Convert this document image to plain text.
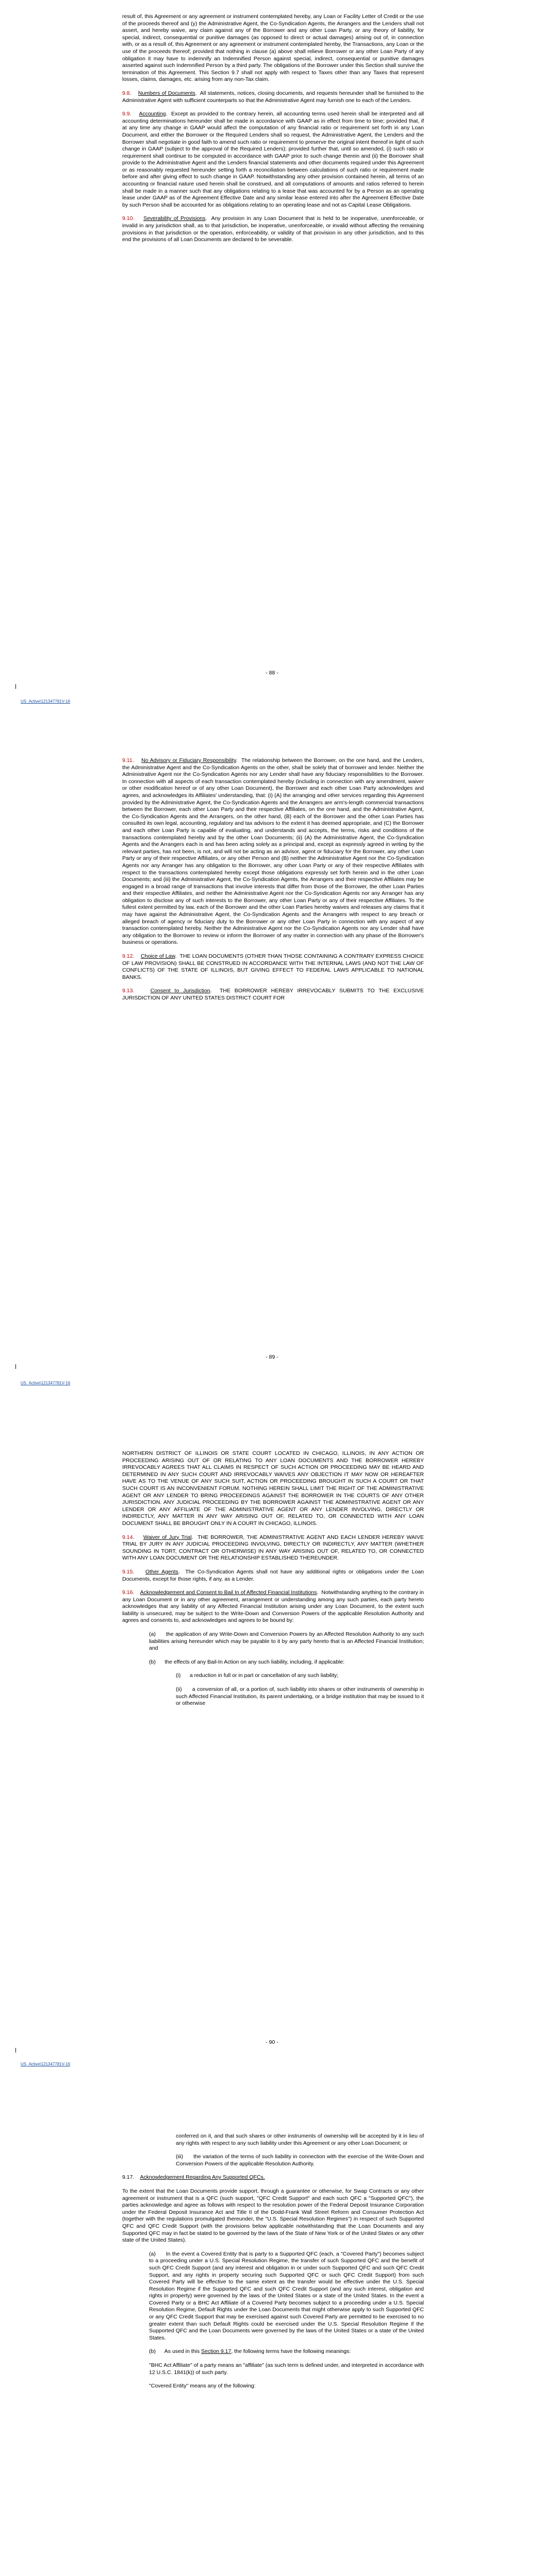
result of, this Agreement or any agreement or instrument contemplated hereby, any Loan or Facility Letter of Credit or the use of the proceeds thereof and (y) the Administrative Agent, the Co-Syndication Agents, the Arrangers and the Lenders shall not assert, and hereby waive, any claim against any of the Borrower and any other Loan Party, or any theory of liability, for special, indirect, consequential or punitive damages (as opposed to direct or actual damages) arising out of, in connection with, or as a result of, this Agreement or any agreement or instrument contemplated hereby, the Transactions, any Loan or the use of the proceeds thereof; provided that nothing in clause (a) above shall relieve Borrower or any other Loan Party of any obligation it may have to indemnify an Indemnified Person against special, indirect, consequential or punitive damages asserted against such Indemnified Person by a third party. The obligations of the Borrower under this Section shall survive the termination of this Agreement. This Section 9.7 shall not apply with respect to Taxes other than any Taxes that represent losses, claims, damages, etc. arising from any non-Tax claim.

9.8. Numbers of Documents.  All statements, notices, closing documents, and requests hereunder shall be furnished to the Administrative Agent with sufficient counterparts so that the Administrative Agent may furnish one to each of the Lenders.

9.9. Accounting.  Except as provided to the contrary herein, all accounting terms used herein shall be interpreted and all accounting determinations hereunder shall be made in accordance with GAAP as in effect from time to time; provided that, if at any time any change in GAAP would affect the computation of any financial ratio or requirement set forth in any Loan Document, and either the Borrower or the Required Lenders shall so request, the Administrative Agent, the Lenders and the Borrower shall negotiate in good faith to amend such ratio or requirement to preserve the original intent thereof in light of such change in GAAP (subject to the approval of the Required Lenders); provided further that, until so amended, (i) such ratio or requirement shall continue to be computed in accordance with GAAP prior to such change therein and (ii) the Borrower shall provide to the Administrative Agent and the Lenders financial statements and other documents required under this Agreement or as reasonably requested hereunder setting forth a reconciliation between calculations of such ratio or requirement made before and after giving effect to such change in GAAP. Notwithstanding any other provision contained herein, all terms of an accounting or financial nature used herein shall be construed, and all computations of amounts and ratios referred to herein shall be made in a manner such that any obligations relating to a lease that was accounted for by a Person as an operating lease under GAAP as of the Agreement Effective Date and any similar lease entered into after the Agreement Effective Date by such Person shall be accounted for as obligations relating to an operating lease and not as Capital Lease Obligations.

9.10. Severability of Provisions.  Any provision in any Loan Document that is held to be inoperative, unenforceable, or invalid in any jurisdiction shall, as to that jurisdiction, be inoperative, unenforceable, or invalid without affecting the remaining provisions in that jurisdiction or the operation, enforceability, or validity of that provision in any other jurisdiction, and to this end the provisions of all Loan Documents are declared to be severable.

- 88 -
US_Active\121347781V-16

9.11. No Advisory or Fiduciary Responsibility.  The relationship between the Borrower, on the one hand, and the Lenders, the Administrative Agent and the Co-Syndication Agents on the other, shall be solely that of borrower and lender. Neither the Administrative Agent nor the Co-Syndication Agents nor any Lender shall have any fiduciary responsibilities to the Borrower. In connection with all aspects of each transaction contemplated hereby (including in connection with any amendment, waiver or other modification hereof or of any other Loan Document), the Borrower and each other Loan Party acknowledges and agrees, and acknowledges its Affiliates' understanding, that: (i) (A) the arranging and other services regarding this Agreement provided by the Administrative Agent, the Co-Syndication Agents and the Arrangers are arm's-length commercial transactions between the Borrower, each other Loan Party and their respective Affiliates, on the one hand, and the Administrative Agent, the Co-Syndication Agents and the Arrangers, on the other hand, (B) each of the Borrower and the other Loan Parties has consulted its own legal, accounting, regulatory and tax advisors to the extent it has deemed appropriate, and (C) the Borrower and each other Loan Party is capable of evaluating, and understands and accepts, the terms, risks and conditions of the transactions contemplated hereby and by the other Loan Documents; (ii) (A) the Administrative Agent, the Co-Syndication Agents and the Arrangers each is and has been acting solely as a principal and, except as expressly agreed in writing by the relevant parties, has not been, is not, and will not be acting as an advisor, agent or fiduciary for the Borrower, any other Loan Party or any of their respective Affiliates, or any other Person and (B) neither the Administrative Agent nor the Co-Syndication Agents nor any Arranger has any obligation to the Borrower, any other Loan Party or any of their respective Affiliates with respect to the transactions contemplated hereby except those obligations expressly set forth herein and in the other Loan Documents; and (iii) the Administrative Agent, the Co-Syndication Agents, the Arrangers and their respective Affiliates may be engaged in a broad range of transactions that involve interests that differ from those of the Borrower, the other Loan Parties and their respective Affiliates, and neither the Administrative Agent nor the Co-Syndication Agents nor any Arranger has any obligation to disclose any of such interests to the Borrower, any other Loan Party or any of their respective Affiliates. To the fullest extent permitted by law, each of the Borrower and the other Loan Parties hereby waives and releases any claims that it may have against the Administrative Agent, the Co-Syndication Agents and the Arrangers with respect to any breach or alleged breach of agency or fiduciary duty to the Borrower or any other Loan Party in connection with any aspect of any transaction contemplated hereby. Neither the Administrative Agent nor the Co-Syndication Agents nor any Lender shall have any obligation to the Borrower to review or inform the Borrower of any matter in connection with any phase of the Borrower's business or operations.

9.12. Choice of Law.  THE LOAN DOCUMENTS (OTHER THAN THOSE CONTAINING A CONTRARY EXPRESS CHOICE OF LAW PROVISION) SHALL BE CONSTRUED IN ACCORDANCE WITH THE INTERNAL LAWS (AND NOT THE LAW OF CONFLICTS) OF THE STATE OF ILLINOIS, BUT GIVING EFFECT TO FEDERAL LAWS APPLICABLE TO NATIONAL BANKS.

9.13.	Consent to Jurisdiction.  THE BORROWER HEREBY IRREVOCABLY SUBMITS TO THE EXCLUSIVE JURISDICTION OF ANY UNITED STATES DISTRICT COURT FOR

- 89 -
US_Active\121347781V-16

NORTHERN DISTRICT OF ILLINOIS OR STATE COURT LOCATED IN CHICAGO, ILLINOIS, IN ANY ACTION OR PROCEEDING ARISING OUT OF OR RELATING TO ANY LOAN DOCUMENTS AND THE BORROWER HEREBY IRREVOCABLY AGREES THAT ALL CLAIMS IN RESPECT OF SUCH ACTION OR PROCEEDING MAY BE HEARD AND DETERMINED IN ANY SUCH COURT AND IRREVOCABLY WAIVES ANY OBJECTION IT MAY NOW OR HEREAFTER HAVE AS TO THE VENUE OF ANY SUCH SUIT, ACTION OR PROCEEDING BROUGHT IN SUCH A COURT OR THAT SUCH COURT IS AN INCONVENIENT FORUM. NOTHING HEREIN SHALL LIMIT THE RIGHT OF THE ADMINISTRATIVE AGENT OR ANY LENDER TO BRING PROCEEDINGS AGAINST THE BORROWER IN THE COURTS OF ANY OTHER JURISDICTION. ANY JUDICIAL PROCEEDING BY THE BORROWER AGAINST THE ADMINISTRATIVE AGENT OR ANY LENDER OR ANY AFFILIATE OF THE ADMINISTRATIVE AGENT OR ANY LENDER INVOLVING, DIRECTLY OR INDIRECTLY, ANY MATTER IN ANY WAY ARISING OUT OF, RELATED TO, OR CONNECTED WITH ANY LOAN DOCUMENT SHALL BE BROUGHT ONLY IN A COURT IN CHICAGO, ILLINOIS.

9.14. Waiver of Jury Trial.  THE BORROWER, THE ADMINISTRATIVE AGENT AND EACH LENDER HEREBY WAIVE TRIAL BY JURY IN ANY JUDICIAL PROCEEDING INVOLVING, DIRECTLY OR INDIRECTLY, ANY MATTER (WHETHER SOUNDING IN TORT, CONTRACT OR OTHERWISE) IN ANY WAY ARISING OUT OF, RELATED TO, OR CONNECTED WITH ANY LOAN DOCUMENT OR THE RELATIONSHIP ESTABLISHED THEREUNDER.

9.15. Other Agents.  The Co-Syndication Agents shall not have any additional rights or obligations under the Loan Documents, except for those rights, if any, as a Lender.

9.16. Acknowledgement and Consent to Bail In of Affected Financial Institutions.  Notwithstanding anything to the contrary in any Loan Document or in any other agreement, arrangement or understanding among any such parties, each party hereto acknowledges that any liability of any Affected Financial Institution arising under any Loan Document, to the extent such liability is unsecured, may be subject to the Write-Down and Conversion Powers of the applicable Resolution Authority and agrees and consents to, and acknowledges and agrees to be bound by:

(a) the application of any Write-Down and Conversion Powers by an Affected Resolution Authority to any such liabilities arising hereunder which may be payable to it by any party hereto that is an Affected Financial Institution; and

(b) the effects of any Bail-In Action on any such liability, including, if applicable:

(i) a reduction in full or in part or cancellation of any such liability;

(ii) a conversion of all, or a portion of, such liability into shares or other instruments of ownership in such Affected Financial Institution, its parent undertaking, or a bridge institution that may be issued to it or otherwise

- 90 -
US_Active\121347781V-16

conferred on it, and that such shares or other instruments of ownership will be accepted by it in lieu of any rights with respect to any such liability under this Agreement or any other Loan Document; or

(iii) the variation of the terms of such liability in connection with the exercise of the Write-Down and Conversion Powers of the applicable Resolution Authority.

9.17. Acknowledgement Regarding Any Supported QFCs.

To the extent that the Loan Documents provide support, through a guarantee or otherwise, for Swap Contracts or any other agreement or instrument that is a QFC (such support, "QFC Credit Support" and each such QFC a "Supported QFC"), the parties acknowledge and agree as follows with respect to the resolution power of the Federal Deposit Insurance Corporation under the Federal Deposit Insurance Act and Title II of the Dodd-Frank Wall Street Reform and Consumer Protection Act (together with the regulations promulgated thereunder, the "U.S. Special Resolution Regimes") in respect of such Supported QFC and QFC Credit Support (with the provisions below applicable notwithstanding that the Loan Documents and any Supported QFC may in fact be stated to be governed by the laws of the State of New York or of the United States or any other state of the United States).

(a) In the event a Covered Entity that is party to a Supported QFC (each, a "Covered Party") becomes subject to a proceeding under a U.S. Special Resolution Regime, the transfer of such Supported QFC and the benefit of such QFC Credit Support (and any interest and obligation in or under such Supported QFC and such QFC Credit Support, and any rights in property securing such Supported QFC or such QFC Credit Support) from such Covered Party will be effective to the same extent as the transfer would be effective under the U.S. Special Resolution Regime if the Supported QFC and such QFC Credit Support (and any such interest, obligation and rights in property) were governed by the laws of the United States or a state of the United States. In the event a Covered Party or a BHC Act Affiliate of a Covered Party becomes subject to a proceeding under a U.S. Special Resolution Regime, Default Rights under the Loan Documents that might otherwise apply to such Supported QFC or any QFC Credit Support that may be exercised against such Covered Party are permitted to be exercised to no greater extent than such Default Rights could be exercised under the U.S. Special Resolution Regime if the Supported QFC and the Loan Documents were governed by the laws of the United States or a state of the United States.

(b) As used in this Section 9.17, the following terms have the following meanings:

"BHC Act Affiliate" of a party means an "affiliate" (as such term is defined under, and interpreted in accordance with 12 U.S.C. 1841(k)) of such party.

"Covered Entity" means any of the following:
